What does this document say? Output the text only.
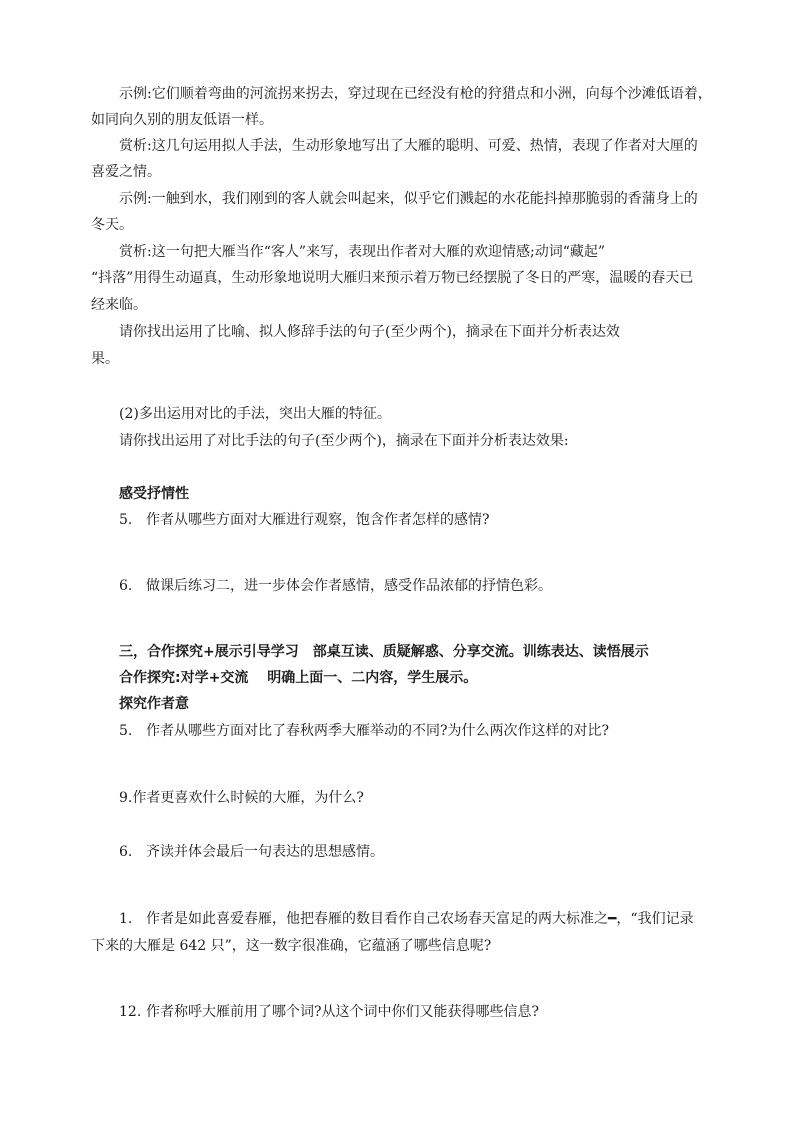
示例:它们顺着弯曲的河流拐来拐去，穿过现在已经没有枪的狩猎点和小洲，向每个沙滩低语着，
如同向久别的朋友低语一样。
赏析:这几句运用拟人手法，生动形象地写出了大雁的聪明、可爱、热情，表现了作者对大厘的
喜爱之情。
示例:一触到水，我们刚到的客人就会叫起来，似乎它们溅起的水花能抖掉那脆弱的香蒲身上的
冬天。
赏析:这一句把大雁当作“客人”来写，表现出作者对大雁的欢迎情感;动词“藏起”
“抖落”用得生动逼真，生动形象地说明大雁归来预示着万物已经摆脱了冬日的严寒，温暖的春天已
经来临。
请你找出运用了比喻、拟人修辞手法的句子(至少两个)，摘录在下面并分析表达效
果。
(2)多出运用对比的手法，突出大雁的特征。
请你找出运用了对比手法的句子(至少两个)，摘录在下面并分析表达效果:
感受抒情性
5. 作者从哪些方面对大雁进行观察，饱含作者怎样的感情?
6. 做课后练习二，进一步体会作者感情，感受作品浓郁的抒情色彩。
三，合作探究+展示引导学习　部桌互读、质疑解惑、分享交流。训练表达、读悟展示
合作探究:对学+交流　 明确上面一、二内容，学生展示。
探究作者意
5. 作者从哪些方面对比了春秋两季大雁举动的不同?为什么两次作这样的对比?
9.作者更喜欢什么时候的大雁，为什么?
6. 齐读并体会最后一句表达的思想感情。
1. 作者是如此喜爱春雁，他把春雁的数目看作自己农场春天富足的两大标准之━，“我们记录
下来的大雁是 642 只”，这一数字很准确，它蕴涵了哪些信息呢?
12. 作者称呼大雁前用了哪个词?从这个词中你们又能获得哪些信息?
